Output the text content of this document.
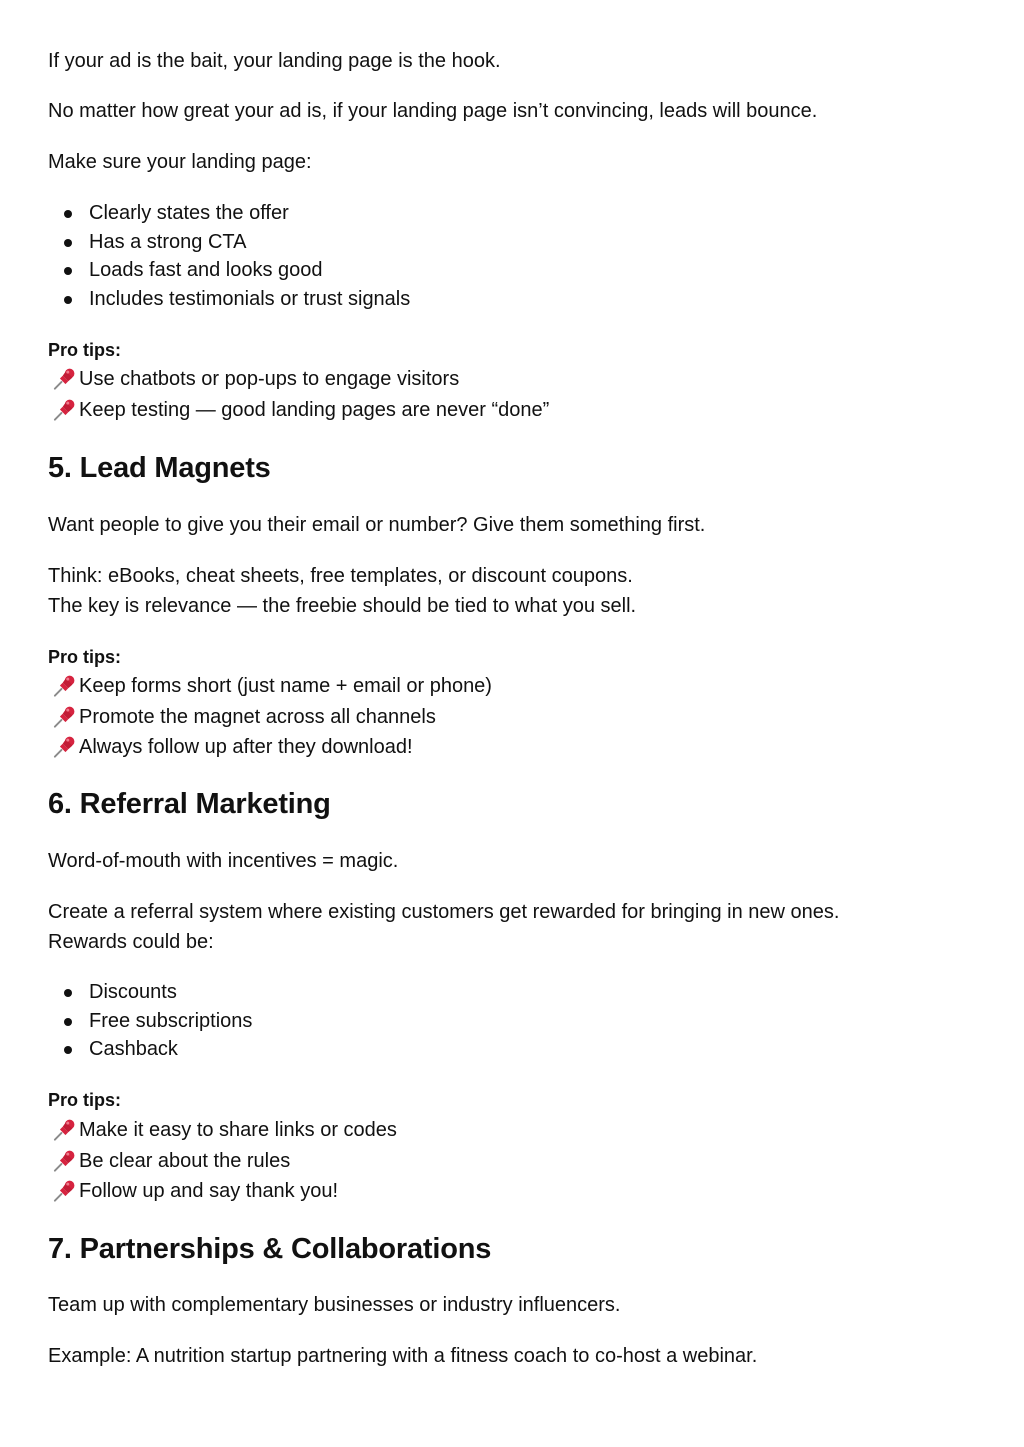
If your ad is the bait, your landing page is the hook.

No matter how great your ad is, if your landing page isn’t convincing, leads will bounce.

Make sure your landing page:

Clearly states the offer
Has a strong CTA
Loads fast and looks good
Includes testimonials or trust signals
Pro tips:
Use chatbots or pop-ups to engage visitors
Keep testing — good landing pages are never “done”
5. Lead Magnets

Want people to give you their email or number? Give them something first.

Think: eBooks, cheat sheets, free templates, or discount coupons.
The key is relevance — the freebie should be tied to what you sell.

Pro tips:
Keep forms short (just name + email or phone)
Promote the magnet across all channels
Always follow up after they download!
6. Referral Marketing

Word-of-mouth with incentives = magic.

Create a referral system where existing customers get rewarded for bringing in new ones.
Rewards could be:

Discounts
Free subscriptions
Cashback
Pro tips:
Make it easy to share links or codes
Be clear about the rules
Follow up and say thank you!
7. Partnerships & Collaborations

Team up with complementary businesses or industry influencers.

Example: A nutrition startup partnering with a fitness coach to co-host a webinar.
